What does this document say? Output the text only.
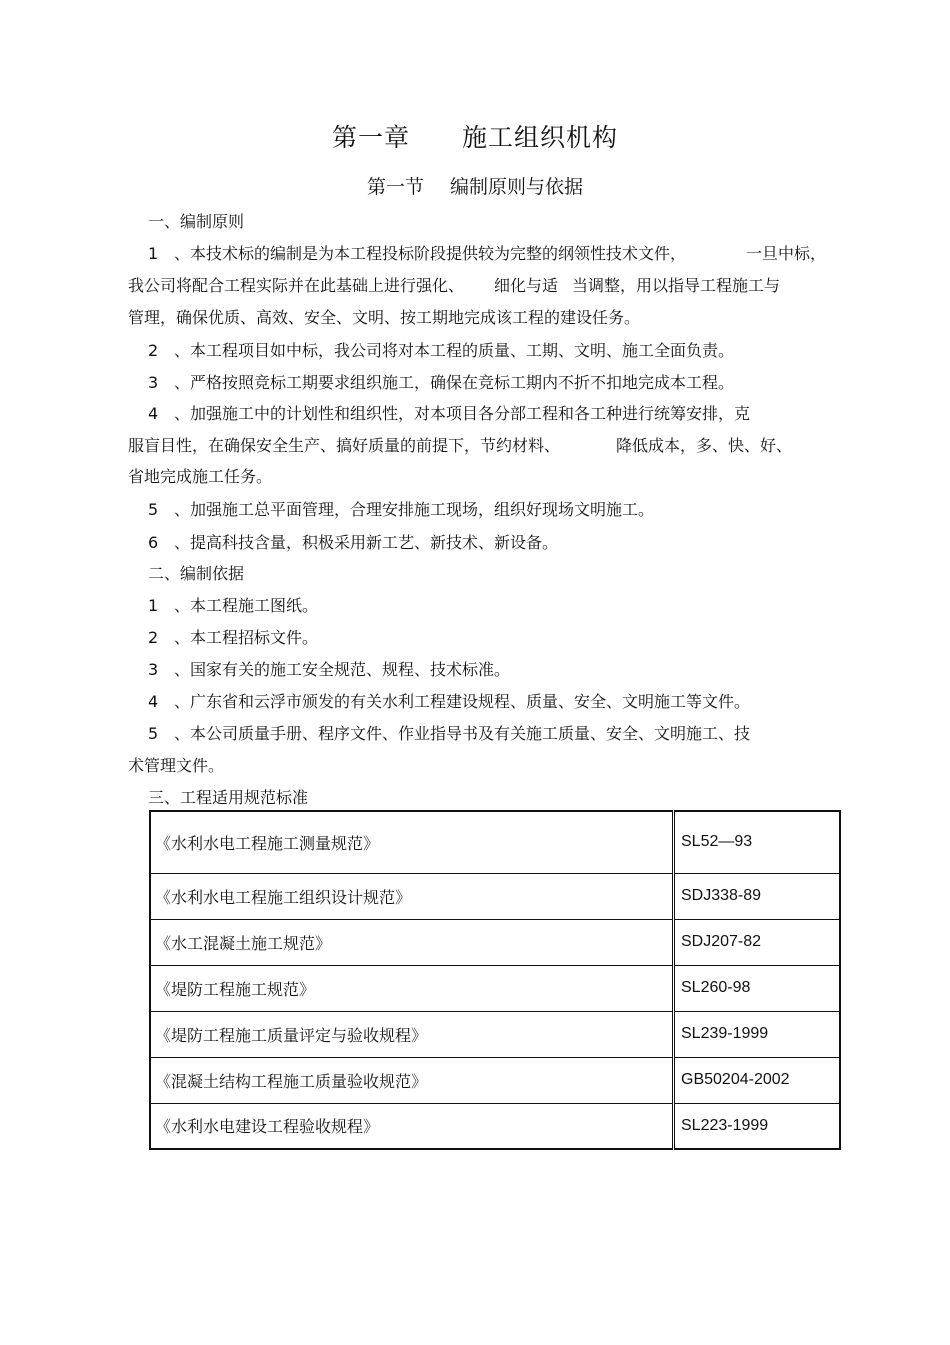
第一章 施工组织机构
第一节 编制原则与依据
一、编制原则
1 、本技术标的编制是为本工程投标阶段提供较为完整的纲领性技术文件，	一旦中标，
我公司将配合工程实际并在此基础上进行强化、 细化与适 当调整，用以指导工程施工与
管理，确保优质、高效、安全、文明、按工期地完成该工程的建设任务。
2 、本工程项目如中标，我公司将对本工程的质量、工期、文明、施工全面负责。
3 、严格按照竞标工期要求组织施工，确保在竞标工期内不折不扣地完成本工程。
4 、加强施工中的计划性和组织性，对本项目各分部工程和各工种进行统筹安排，克
服盲目性，在确保安全生产、搞好质量的前提下，节约材料、	降低成本，多、快、好、
省地完成施工任务。
5 、加强施工总平面管理，合理安排施工现场，组织好现场文明施工。
6 、提高科技含量，积极采用新工艺、新技术、新设备。
二、编制依据
1 、本工程施工图纸。
2 、本工程招标文件。
3 、国家有关的施工安全规范、规程、技术标准。
4 、广东省和云浮市颁发的有关水利工程建设规程、质量、安全、文明施工等文件。
5 、本公司质量手册、程序文件、作业指导书及有关施工质量、安全、文明施工、技
术管理文件。
三、工程适用规范标准
《水利水电工程施工测量规范》	SL52—93
《水利水电工程施工组织设计规范》	SDJ338-89
《水工混凝土施工规范》	SDJ207-82
《堤防工程施工规范》	SL260-98
《堤防工程施工质量评定与验收规程》	SL239-1999
《混凝土结构工程施工质量验收规范》	GB50204-2002
《水利水电建设工程验收规程》	SL223-1999
